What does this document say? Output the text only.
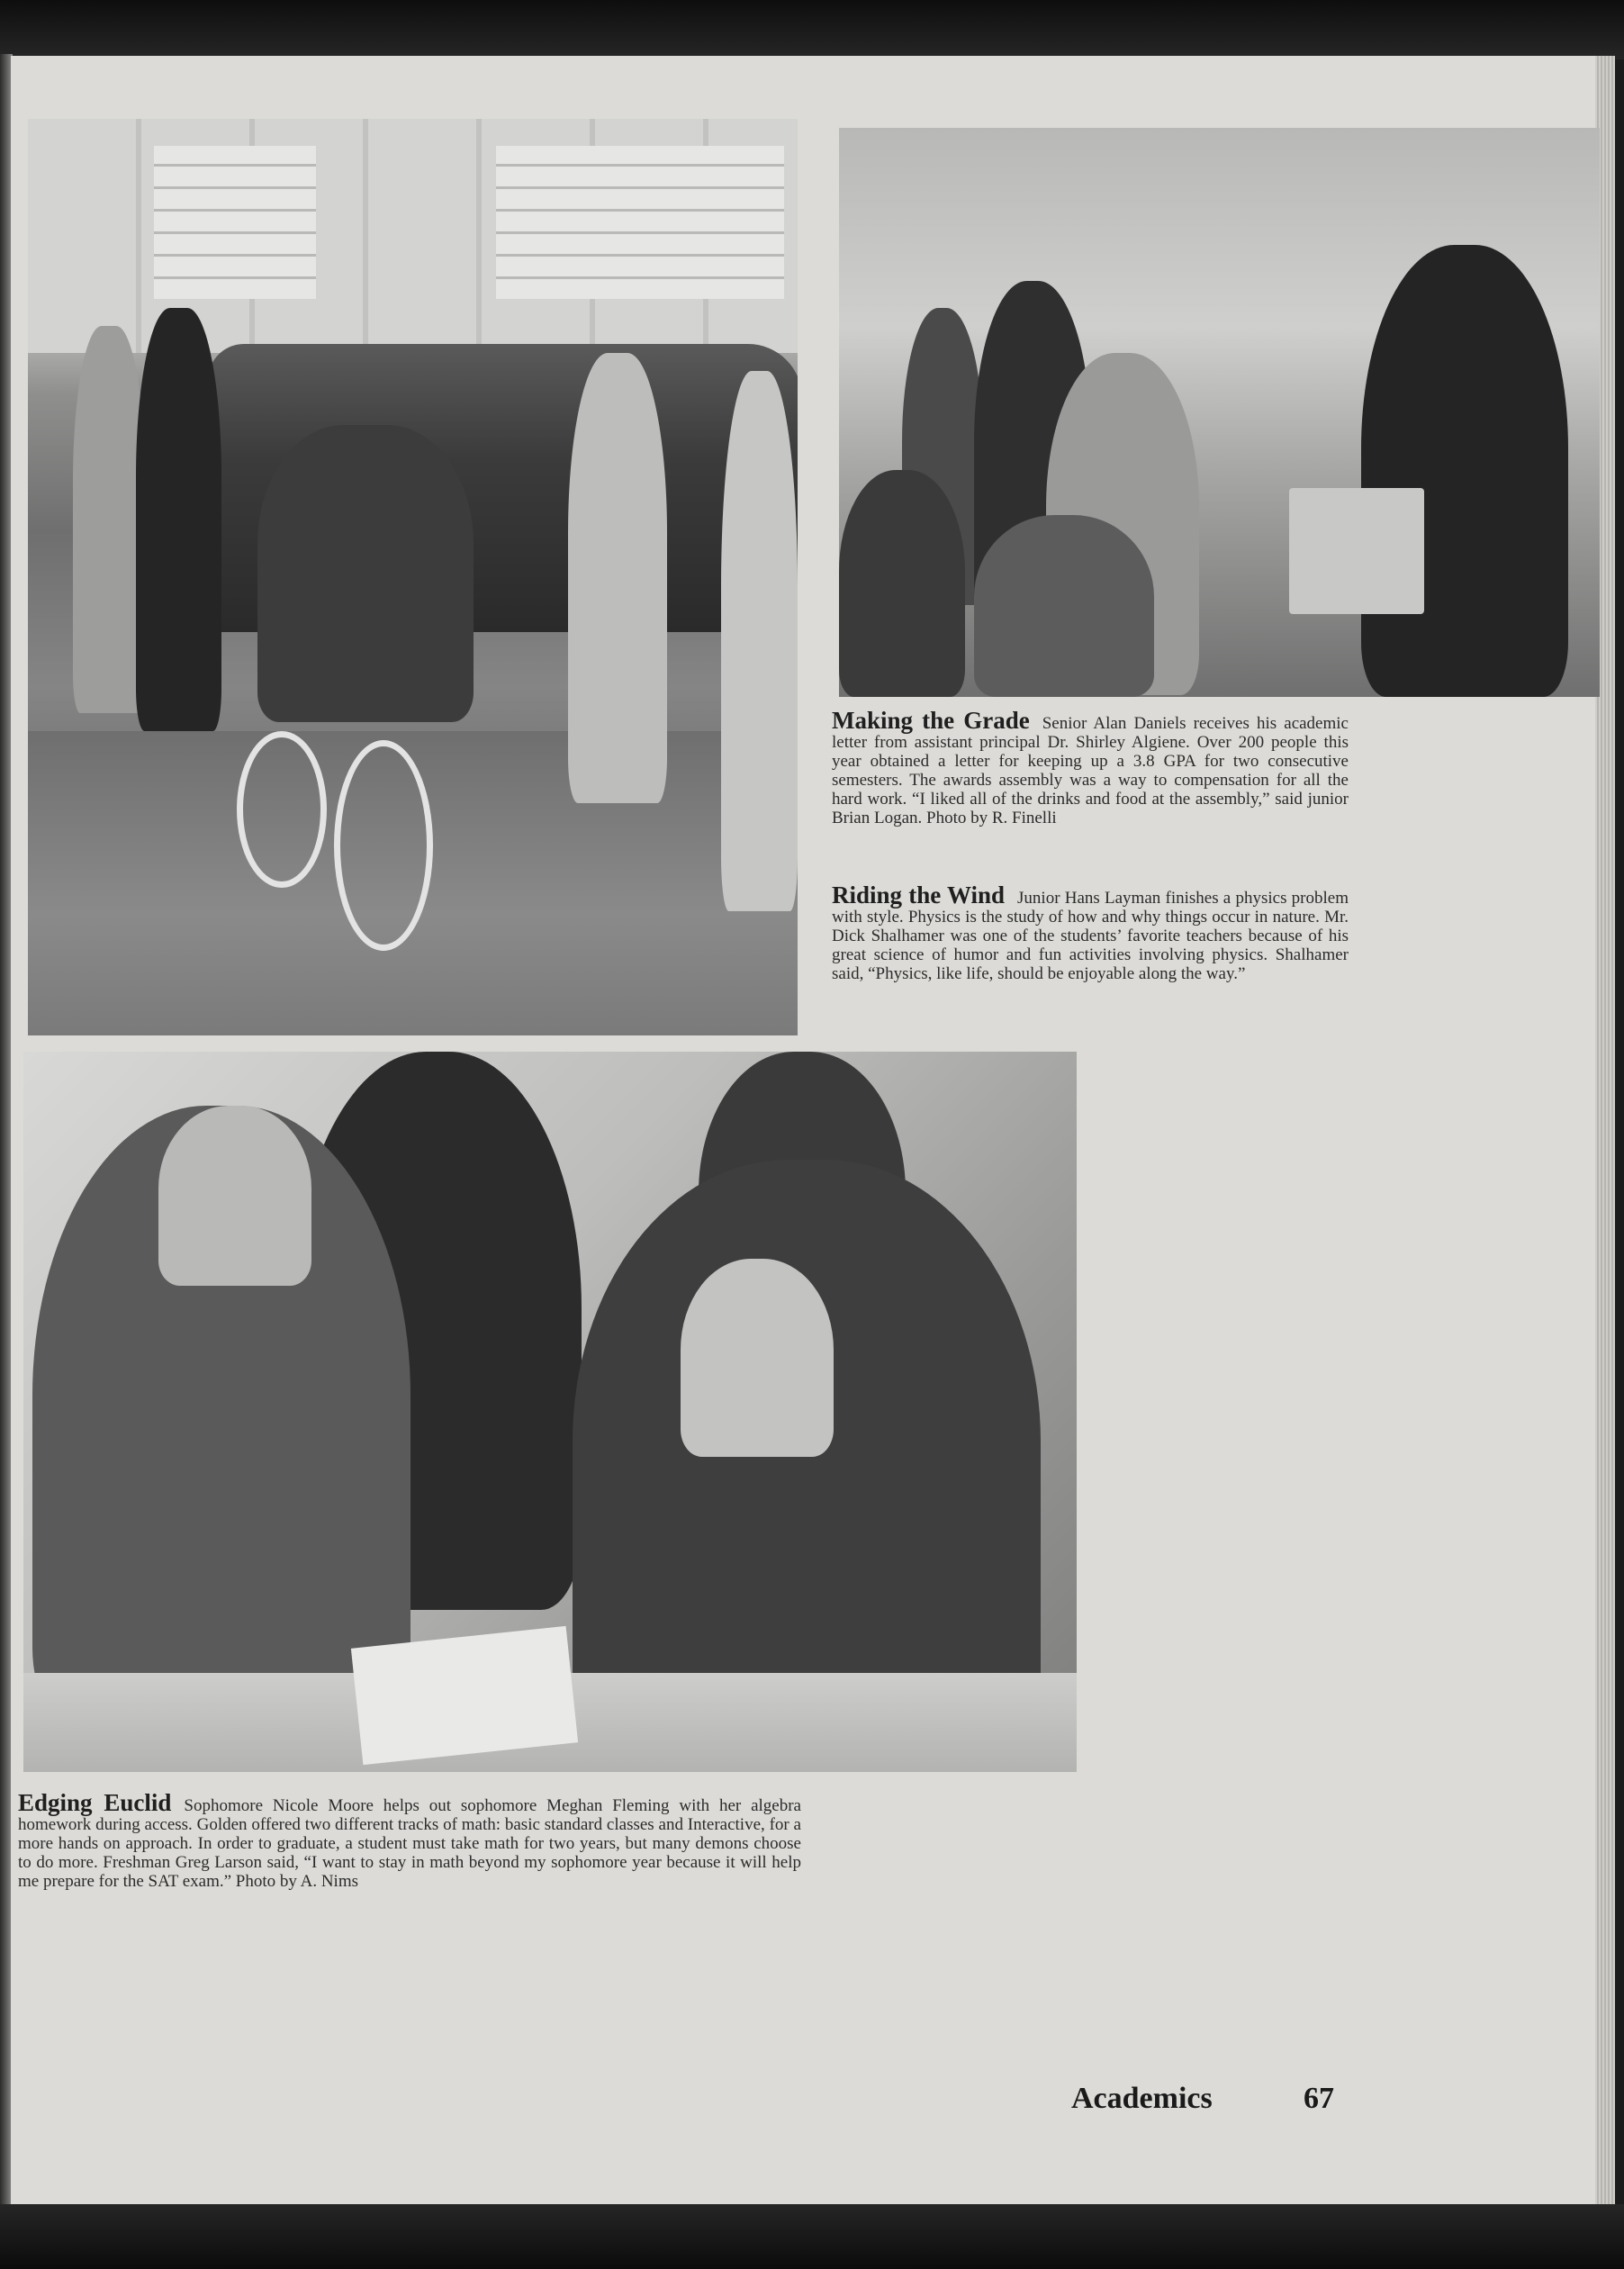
Making the Grade Senior Alan Daniels receives his academic letter from assistant principal Dr. Shirley Algiene. Over 200 people this year obtained a letter for keeping up a 3.8 GPA for two consecutive semesters. The awards assembly was a way to compensation for all the hard work. “I liked all of the drinks and food at the assembly,” said junior Brian Logan. Photo by R. Finelli
Riding the Wind Junior Hans Layman finishes a physics problem with style. Physics is the study of how and why things occur in nature. Mr. Dick Shalhamer was one of the students’ favorite teachers because of his great science of humor and fun activities involving physics. Shalhamer said, “Physics, like life, should be enjoyable along the way.”
Edging Euclid Sophomore Nicole Moore helps out sophomore Meghan Fleming with her algebra homework during access. Golden offered two different tracks of math: basic standard classes and Interactive, for a more hands on approach. In order to graduate, a student must take math for two years, but many demons choose to do more. Freshman Greg Larson said, “I want to stay in math beyond my sophomore year because it will help me prepare for the SAT exam.” Photo by A. Nims
Academics	67
